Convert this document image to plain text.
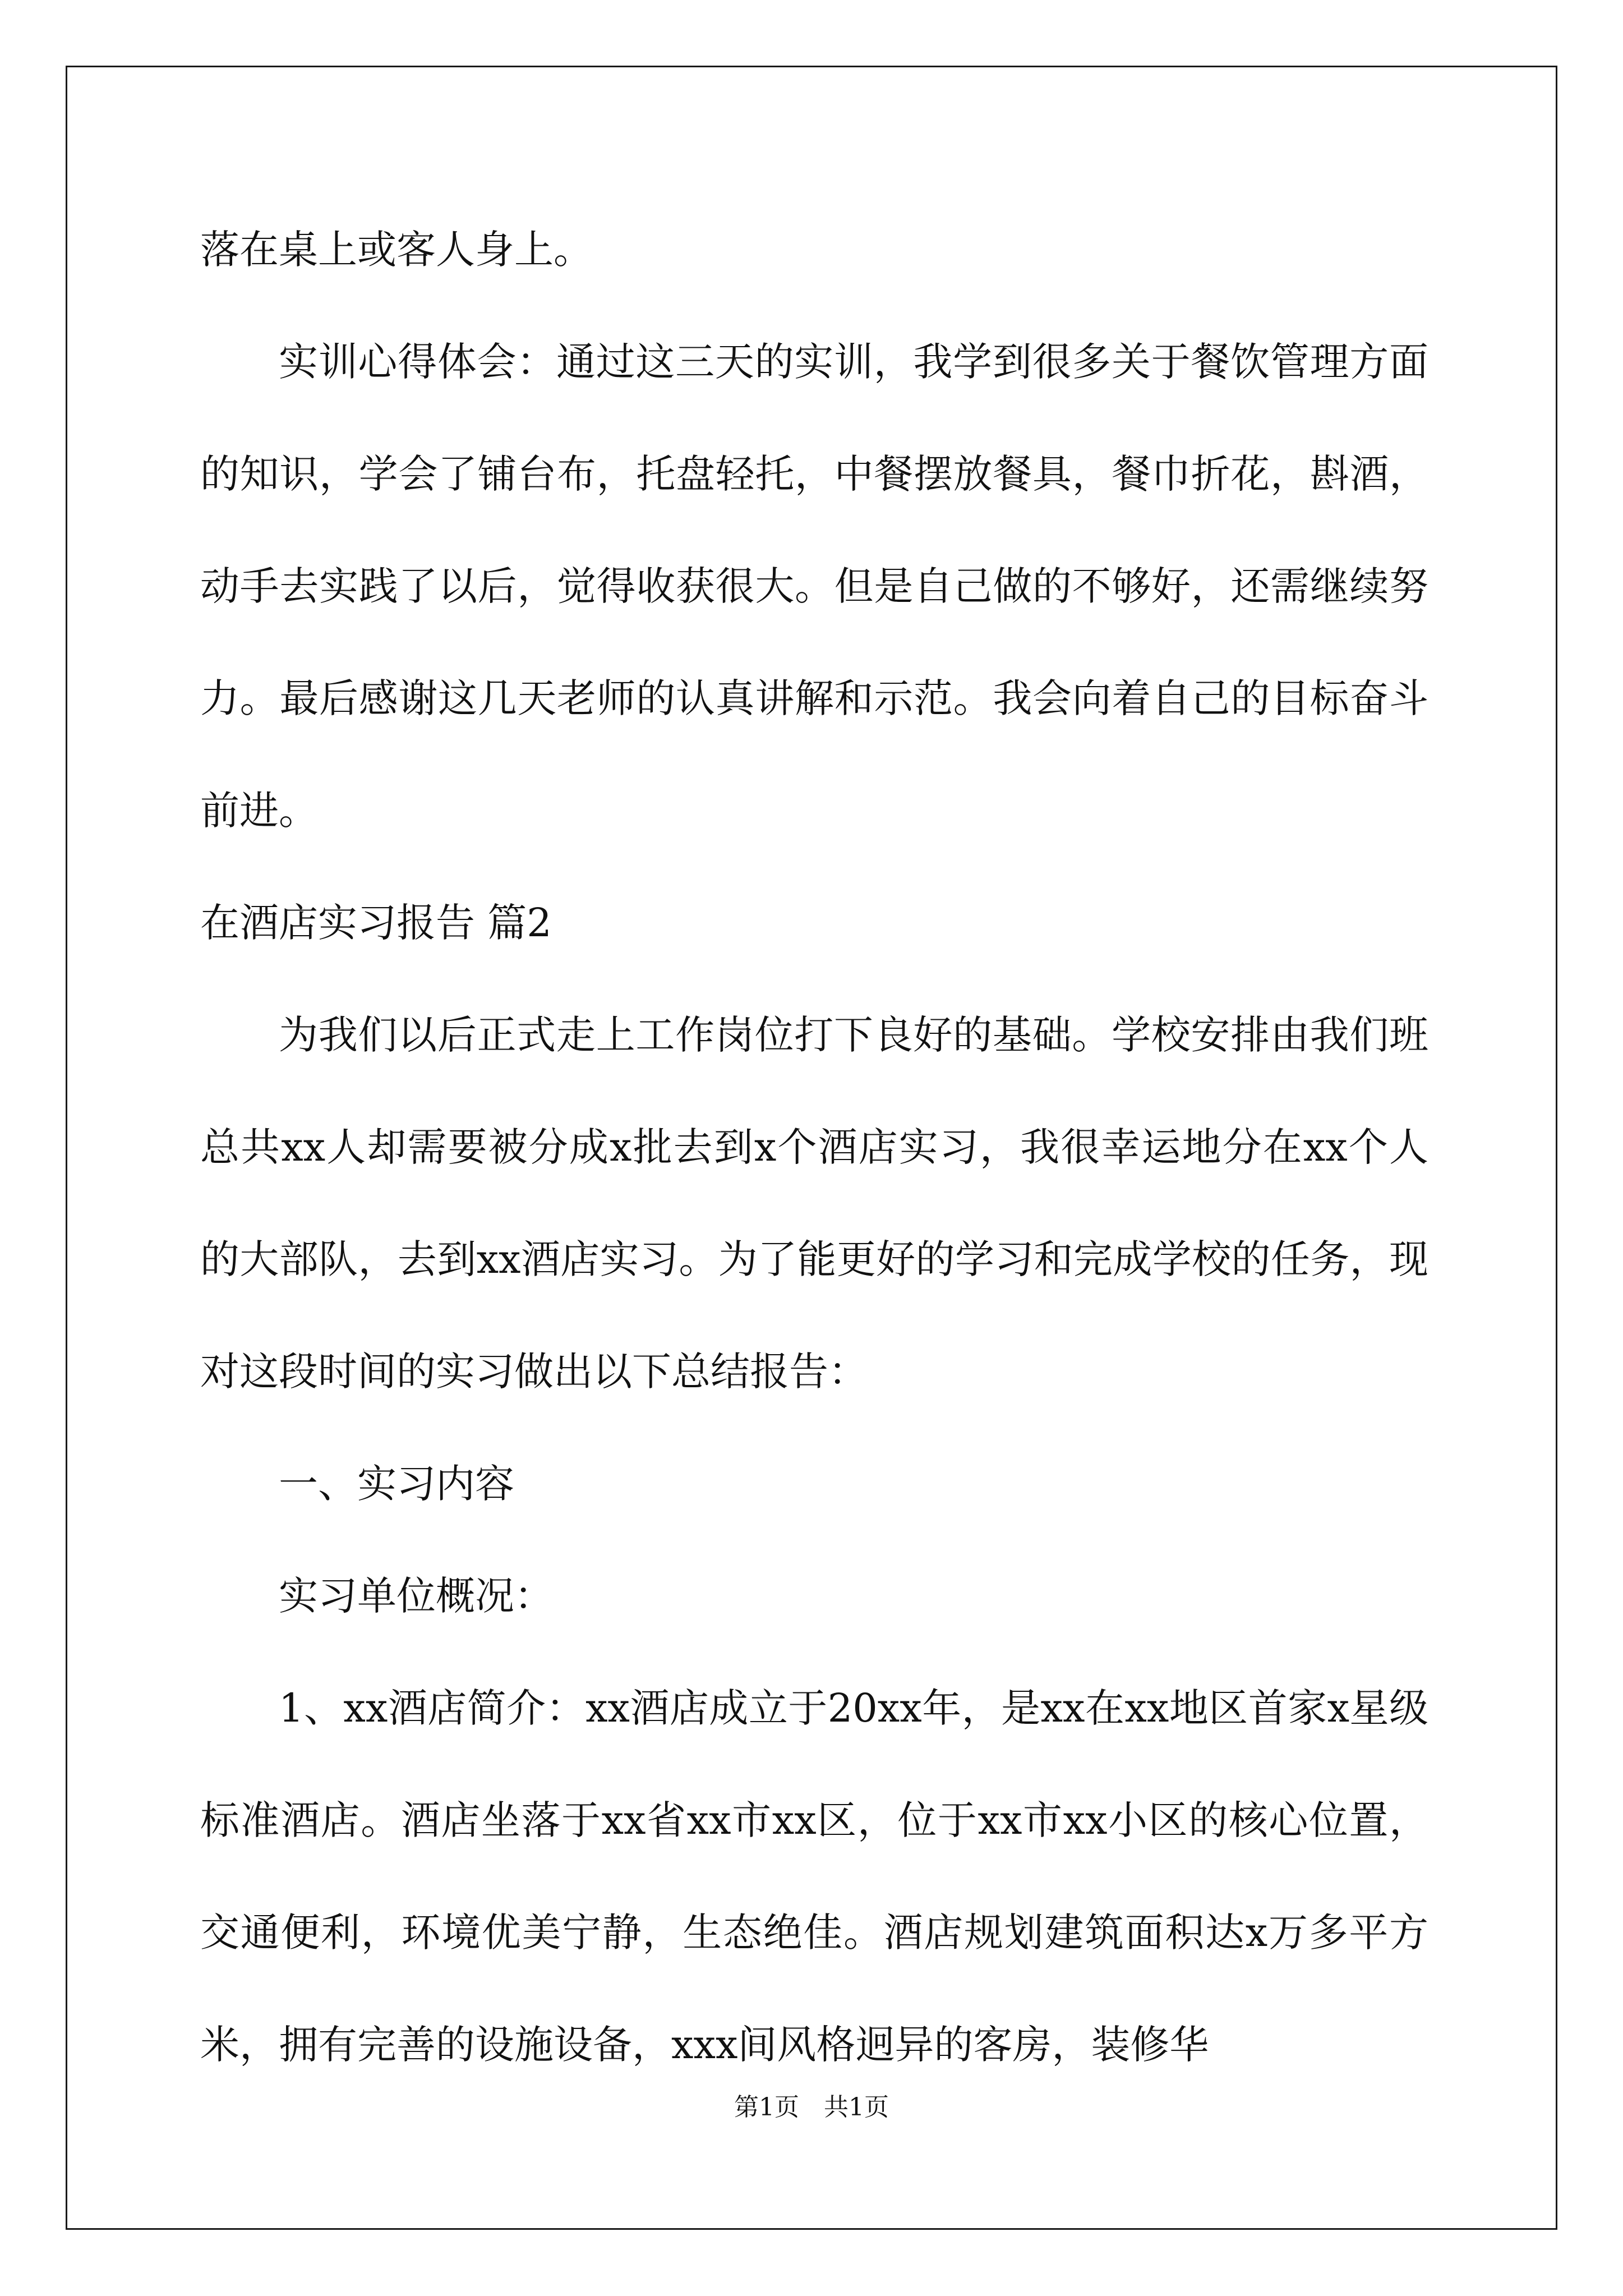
落在桌上或客人身上。

实训心得体会：通过这三天的实训，我学到很多关于餐饮管理方面的知识，学会了铺台布，托盘轻托，中餐摆放餐具，餐巾折花，斟酒，动手去实践了以后，觉得收获很大。但是自己做的不够好，还需继续努力。最后感谢这几天老师的认真讲解和示范。我会向着自己的目标奋斗前进。

在酒店实习报告 篇2

为我们以后正式走上工作岗位打下良好的基础。学校安排由我们班总共xx人却需要被分成x批去到x个酒店实习，我很幸运地分在xx个人的大部队，去到xx酒店实习。为了能更好的学习和完成学校的任务，现对这段时间的实习做出以下总结报告：

一、实习内容

实习单位概况：

1、xx酒店简介：xx酒店成立于20xx年，是xx在xx地区首家x星级标准酒店。酒店坐落于xx省xx市xx区，位于xx市xx小区的核心位置，交通便利，环境优美宁静，生态绝佳。酒店规划建筑面积达x万多平方米，拥有完善的设施设备，xxx间风格迥异的客房，装修华

第1页　共1页
